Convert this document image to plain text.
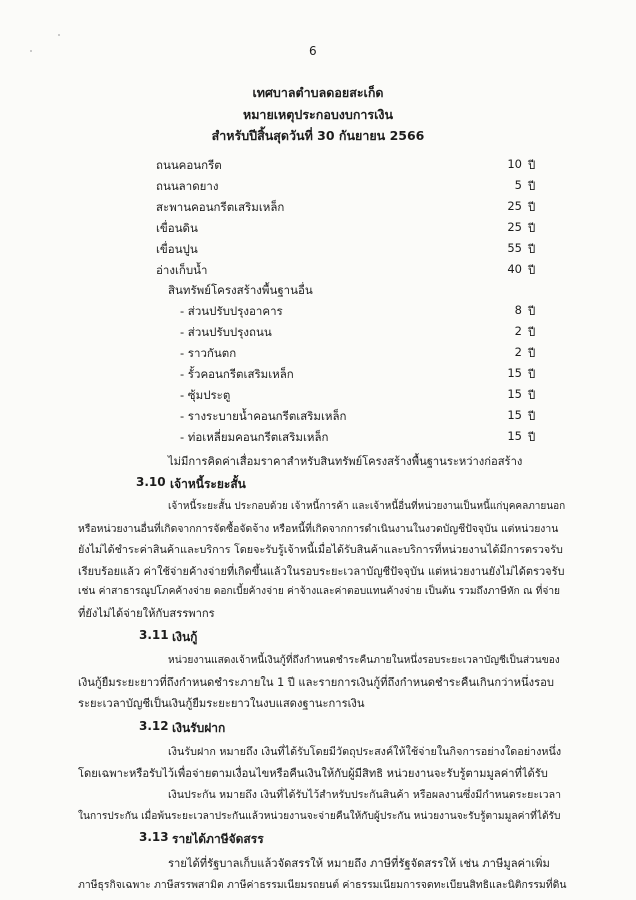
6
เทศบาลตำบลดอยสะเก็ด
หมายเหตุประกอบงบการเงิน
สำหรับปีสิ้นสุดวันที่ 30 กันยายน 2566
ถนนคอนกรีต	10 ปี
ถนนลาดยาง	5 ปี
สะพานคอนกรีตเสริมเหล็ก	25 ปี
เขื่อนดิน	25 ปี
เขื่อนปูน	55 ปี
อ่างเก็บน้ำ	40 ปี
สินทรัพย์โครงสร้างพื้นฐานอื่น
- ส่วนปรับปรุงอาคาร	8 ปี
- ส่วนปรับปรุงถนน	2 ปี
- ราวกันตก	2 ปี
- รั้วคอนกรีตเสริมเหล็ก	15 ปี
- ซุ้มประตู	15 ปี
- รางระบายน้ำคอนกรีตเสริมเหล็ก	15 ปี
- ท่อเหลี่ยมคอนกรีตเสริมเหล็ก	15 ปี
ไม่มีการคิดค่าเสื่อมราคาสำหรับสินทรัพย์โครงสร้างพื้นฐานระหว่างก่อสร้าง
3.10 เจ้าหนี้ระยะสั้น
เจ้าหนี้ระยะสั้น ประกอบด้วย เจ้าหนี้การค้า และเจ้าหนี้อื่นที่หน่วยงานเป็นหนี้แก่บุคคลภายนอก
หรือหน่วยงานอื่นที่เกิดจากการจัดซื้อจัดจ้าง หรือหนี้ที่เกิดจากการดำเนินงานในงวดบัญชีปัจจุบัน แต่หน่วยงาน
ยังไม่ได้ชำระค่าสินค้าและบริการ โดยจะรับรู้เจ้าหนี้เมื่อได้รับสินค้าและบริการที่หน่วยงานได้มีการตรวจรับ
เรียบร้อยแล้ว ค่าใช้จ่ายค้างจ่ายที่เกิดขึ้นแล้วในรอบระยะเวลาบัญชีปัจจุบัน แต่หน่วยงานยังไม่ได้ตรวจรับ
เช่น ค่าสาธารณูปโภคค้างจ่าย ดอกเบี้ยค้างจ่าย ค่าจ้างและค่าตอบแทนค้างจ่าย เป็นต้น รวมถึงภาษีหัก ณ ที่จ่าย
ที่ยังไม่ได้จ่ายให้กับสรรพากร
3.11 เงินกู้
หน่วยงานแสดงเจ้าหนี้เงินกู้ที่ถึงกำหนดชำระคืนภายในหนึ่งรอบระยะเวลาบัญชีเป็นส่วนของ
เงินกู้ยืมระยะยาวที่ถึงกำหนดชำระภายใน 1 ปี และรายการเงินกู้ที่ถึงกำหนดชำระคืนเกินกว่าหนึ่งรอบ
ระยะเวลาบัญชีเป็นเงินกู้ยืมระยะยาวในงบแสดงฐานะการเงิน
3.12 เงินรับฝาก
เงินรับฝาก หมายถึง เงินที่ได้รับโดยมีวัตถุประสงค์ให้ใช้จ่ายในกิจการอย่างใดอย่างหนึ่ง
โดยเฉพาะหรือรับไว้เพื่อจ่ายตามเงื่อนไขหรือคืนเงินให้กับผู้มีสิทธิ หน่วยงานจะรับรู้ตามมูลค่าที่ได้รับ
เงินประกัน หมายถึง เงินที่ได้รับไว้สำหรับประกันสินค้า หรือผลงานซึ่งมีกำหนดระยะเวลา
ในการประกัน เมื่อพ้นระยะเวลาประกันแล้วหน่วยงานจะจ่ายคืนให้กับผู้ประกัน หน่วยงานจะรับรู้ตามมูลค่าที่ได้รับ
3.13 รายได้ภาษีจัดสรร
รายได้ที่รัฐบาลเก็บแล้วจัดสรรให้ หมายถึง ภาษีที่รัฐจัดสรรให้ เช่น ภาษีมูลค่าเพิ่ม
ภาษีธุรกิจเฉพาะ ภาษีสรรพสามิต ภาษีค่าธรรมเนียมรถยนต์ ค่าธรรมเนียมการจดทะเบียนสิทธิและนิติกรรมที่ดิน
